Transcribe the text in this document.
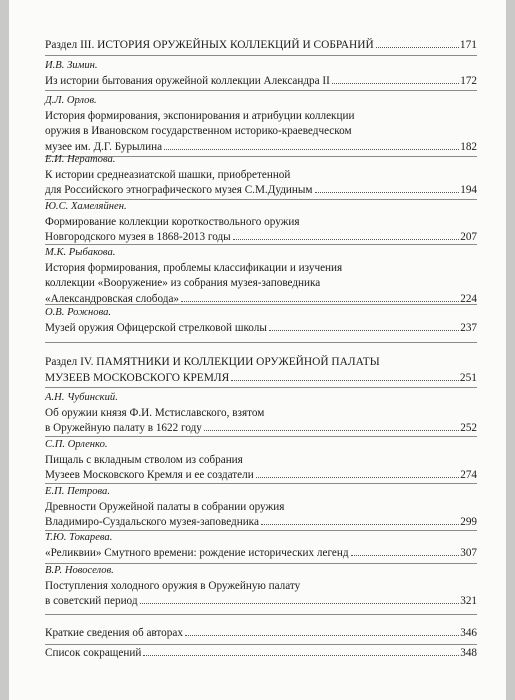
Раздел III. ИСТОРИЯ ОРУЖЕЙНЫХ КОЛЛЕКЦИЙ И СОБРАНИЙ	171
И.В. Зимин.
Из истории бытования оружейной коллекции Александра II	172
Д.Л. Орлов.
История формирования, экспонирования и атрибуции коллекции
оружия в Ивановском государственном историко-краеведческом
музее им. Д.Г. Бурылина	182
Е.И. Нератова.
К истории среднеазиатской шашки, приобретенной
для Российского этнографического музея С.М.Дудиным	194
Ю.С. Хамеляйнен.
Формирование коллекции короткоствольного оружия
Новгородского музея в 1868-2013 годы	207
М.К. Рыбакова.
История формирования, проблемы классификации и изучения
коллекции «Вооружение» из собрания музея-заповедника
«Александровская слобода»	224
О.В. Рожнова.
Музей оружия Офицерской стрелковой школы	237
Раздел IV. ПАМЯТНИКИ И КОЛЛЕКЦИИ ОРУЖЕЙНОЙ ПАЛАТЫ
МУЗЕЕВ МОСКОВСКОГО КРЕМЛЯ	251
А.Н. Чубинский.
Об оружии князя Ф.И. Мстиславского, взятом
в Оружейную палату в 1622 году	252
С.П. Орленко.
Пищаль с вкладным стволом из собрания
Музеев Московского Кремля и ее создатели	274
Е.П. Петрова.
Древности Оружейной палаты в собрании оружия
Владимиро-Суздальского музея-заповедника	299
Т.Ю. Токарева.
«Реликвии» Смутного времени: рождение исторических легенд	307
В.Р. Новоселов.
Поступления холодного оружия в Оружейную палату
в советский период	321
Краткие сведения об авторах	346
Список сокращений	348
